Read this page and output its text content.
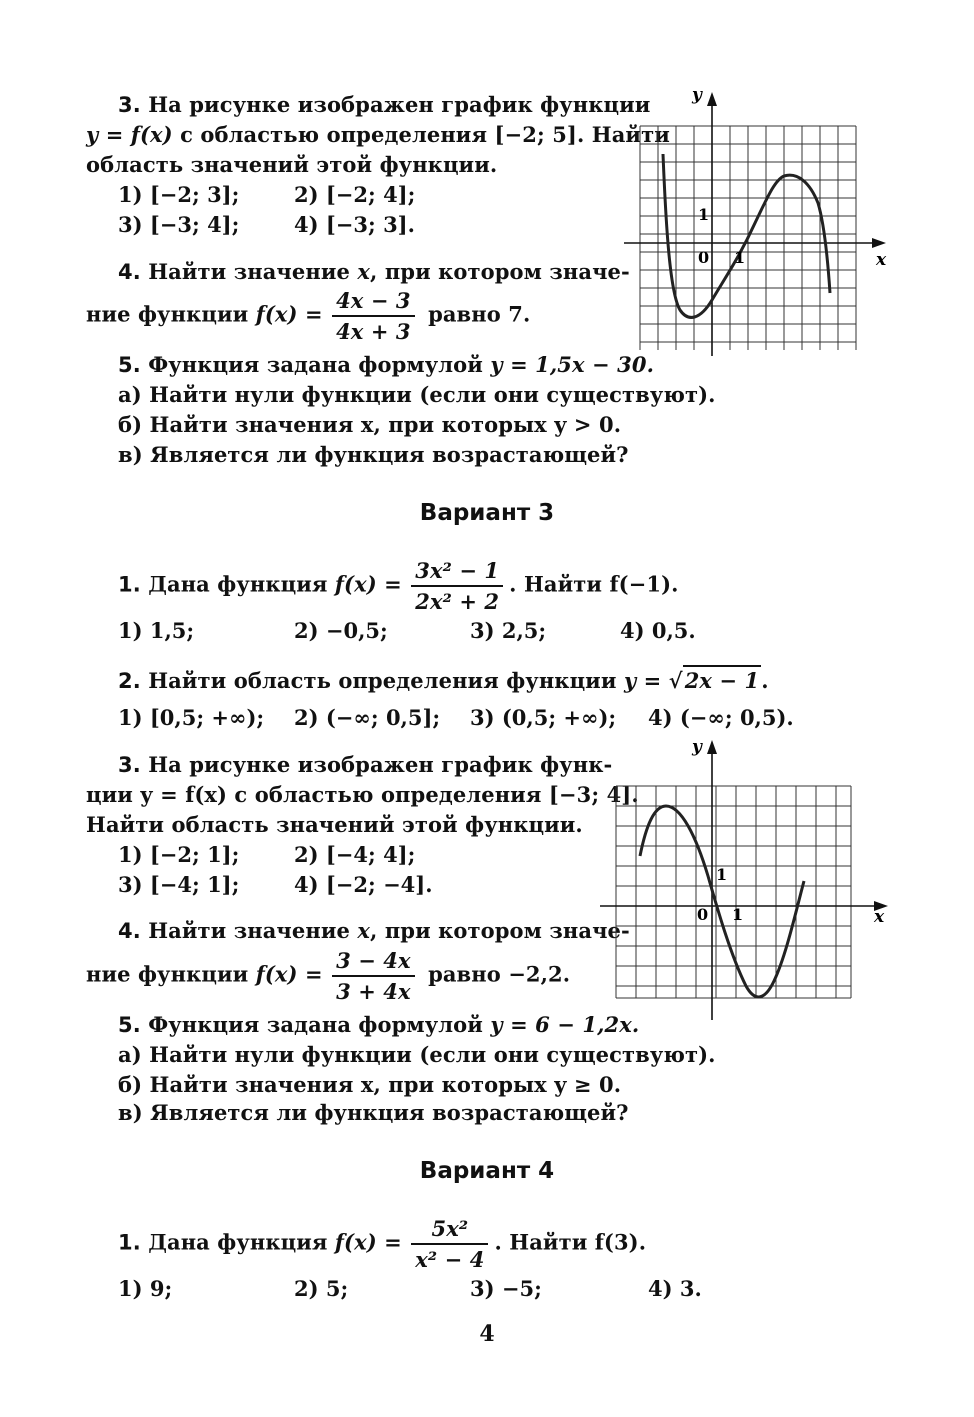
3. На рисунке изображен график функции
y = f(x) с областью определения [−2; 5]. Найти
область значений этой функции.
1) [−2; 3];	2) [−2; 4];
3) [−3; 4];	4) [−3; 3].
4. Найти значение x, при котором значе-
ние функции $f(x) = \frac{4x - 3}{4x + 3}$ равно 7.
5. Функция задана формулой y = 1,5x − 30.
а) Найти нули функции (если они существуют).
б) Найти значения x, при которых y > 0.
в) Является ли функция возрастающей?
y
x
0 1
1
Вариант 3
1. Дана функция $f(x) = \frac{\text{3x² − 1}}{\text{2x² + 2}}$ . Найти f(−1).
1) 1,5;	2) −0,5;	3) 2,5;	4) 0,5.
2. Найти область определения функции y = √2x − 1.
1) [0,5; +∞); 2) (−∞; 0,5]; 3) (0,5; +∞); 4) (−∞; 0,5).
3. На рисунке изображен график функ-
ции y = f(x) с областью определения [−3; 4].
Найти область значений этой функции.
1) [−2; 1];	2) [−4; 4];
3) [−4; 1];	4) [−2; −4].
4. Найти значение x, при котором значе-
ние функции $f(x) = \frac{3 - 4x}{3 + 4x}$ равно −2,2.
5. Функция задана формулой y = 6 − 1,2x.
а) Найти нули функции (если они существуют).
б) Найти значения x, при которых y ≥ 0.
в) Является ли функция возрастающей?
y
x
0 1
1
Вариант 4
1. Дана функция $f(x) = \frac{\text{5x²}}{\text{x² − 4}}$ . Найти f(3).
1) 9;	2) 5;	3) −5;	4) 3.
4
